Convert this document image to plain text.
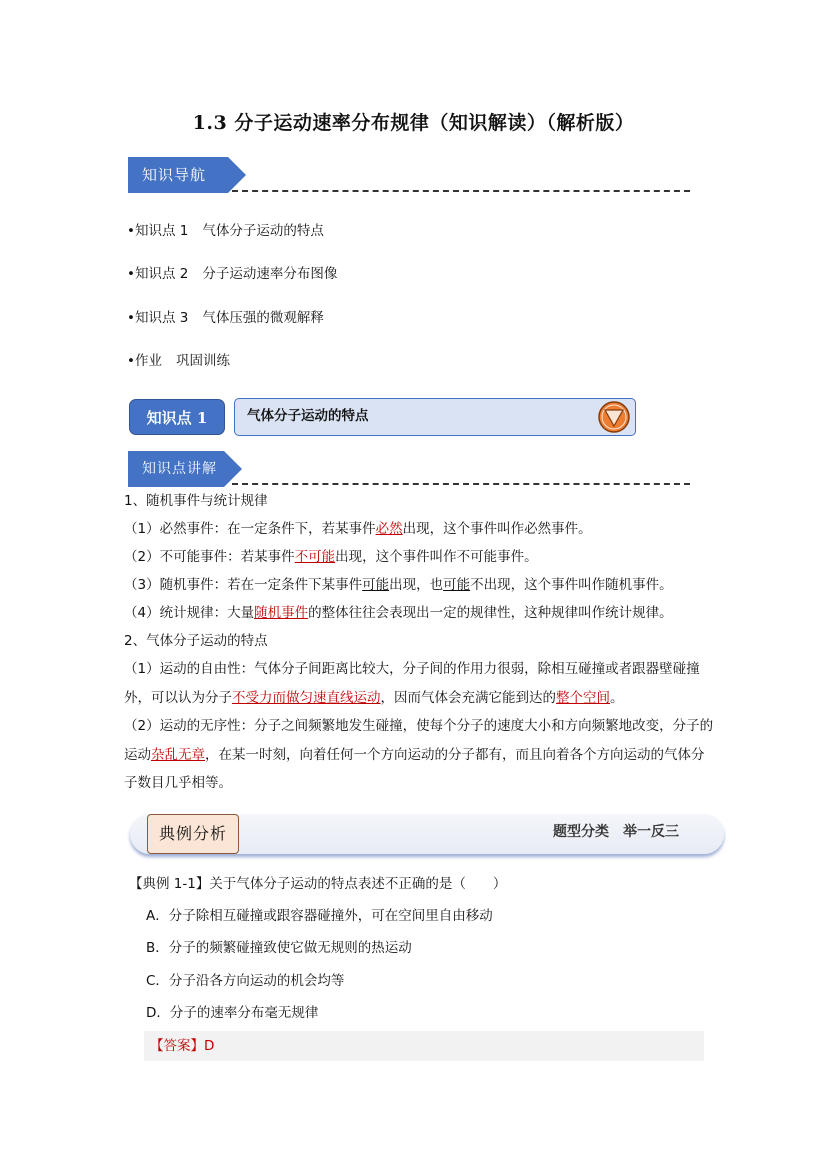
1.3 分子运动速率分布规律（知识解读）（解析版）
知识导航
•知识点 1 气体分子运动的特点
•知识点 2 分子运动速率分布图像
•知识点 3 气体压强的微观解释
•作业 巩固训练
知识点 1	气体分子运动的特点
知识点讲解
1、随机事件与统计规律
（1）必然事件：在一定条件下，若某事件必然出现，这个事件叫作必然事件。
（2）不可能事件：若某事件不可能出现，这个事件叫作不可能事件。
（3）随机事件：若在一定条件下某事件可能出现，也可能不出现，这个事件叫作随机事件。
（4）统计规律：大量随机事件的整体往往会表现出一定的规律性，这种规律叫作统计规律。
2、气体分子运动的特点
（1）运动的自由性：气体分子间距离比较大，分子间的作用力很弱，除相互碰撞或者跟器壁碰撞外，可以认为分子不受力而做匀速直线运动，因而气体会充满它能到达的整个空间。
（2）运动的无序性：分子之间频繁地发生碰撞，使每个分子的速度大小和方向频繁地改变，分子的运动杂乱无章，在某一时刻，向着任何一个方向运动的分子都有，而且向着各个方向运动的气体分子数目几乎相等。
典例分析	题型分类　举一反三
【典例 1-1】关于气体分子运动的特点表述不正确的是（　　）
A．分子除相互碰撞或跟容器碰撞外，可在空间里自由移动
B．分子的频繁碰撞致使它做无规则的热运动
C．分子沿各方向运动的机会均等
D．分子的速率分布毫无规律
【答案】D
